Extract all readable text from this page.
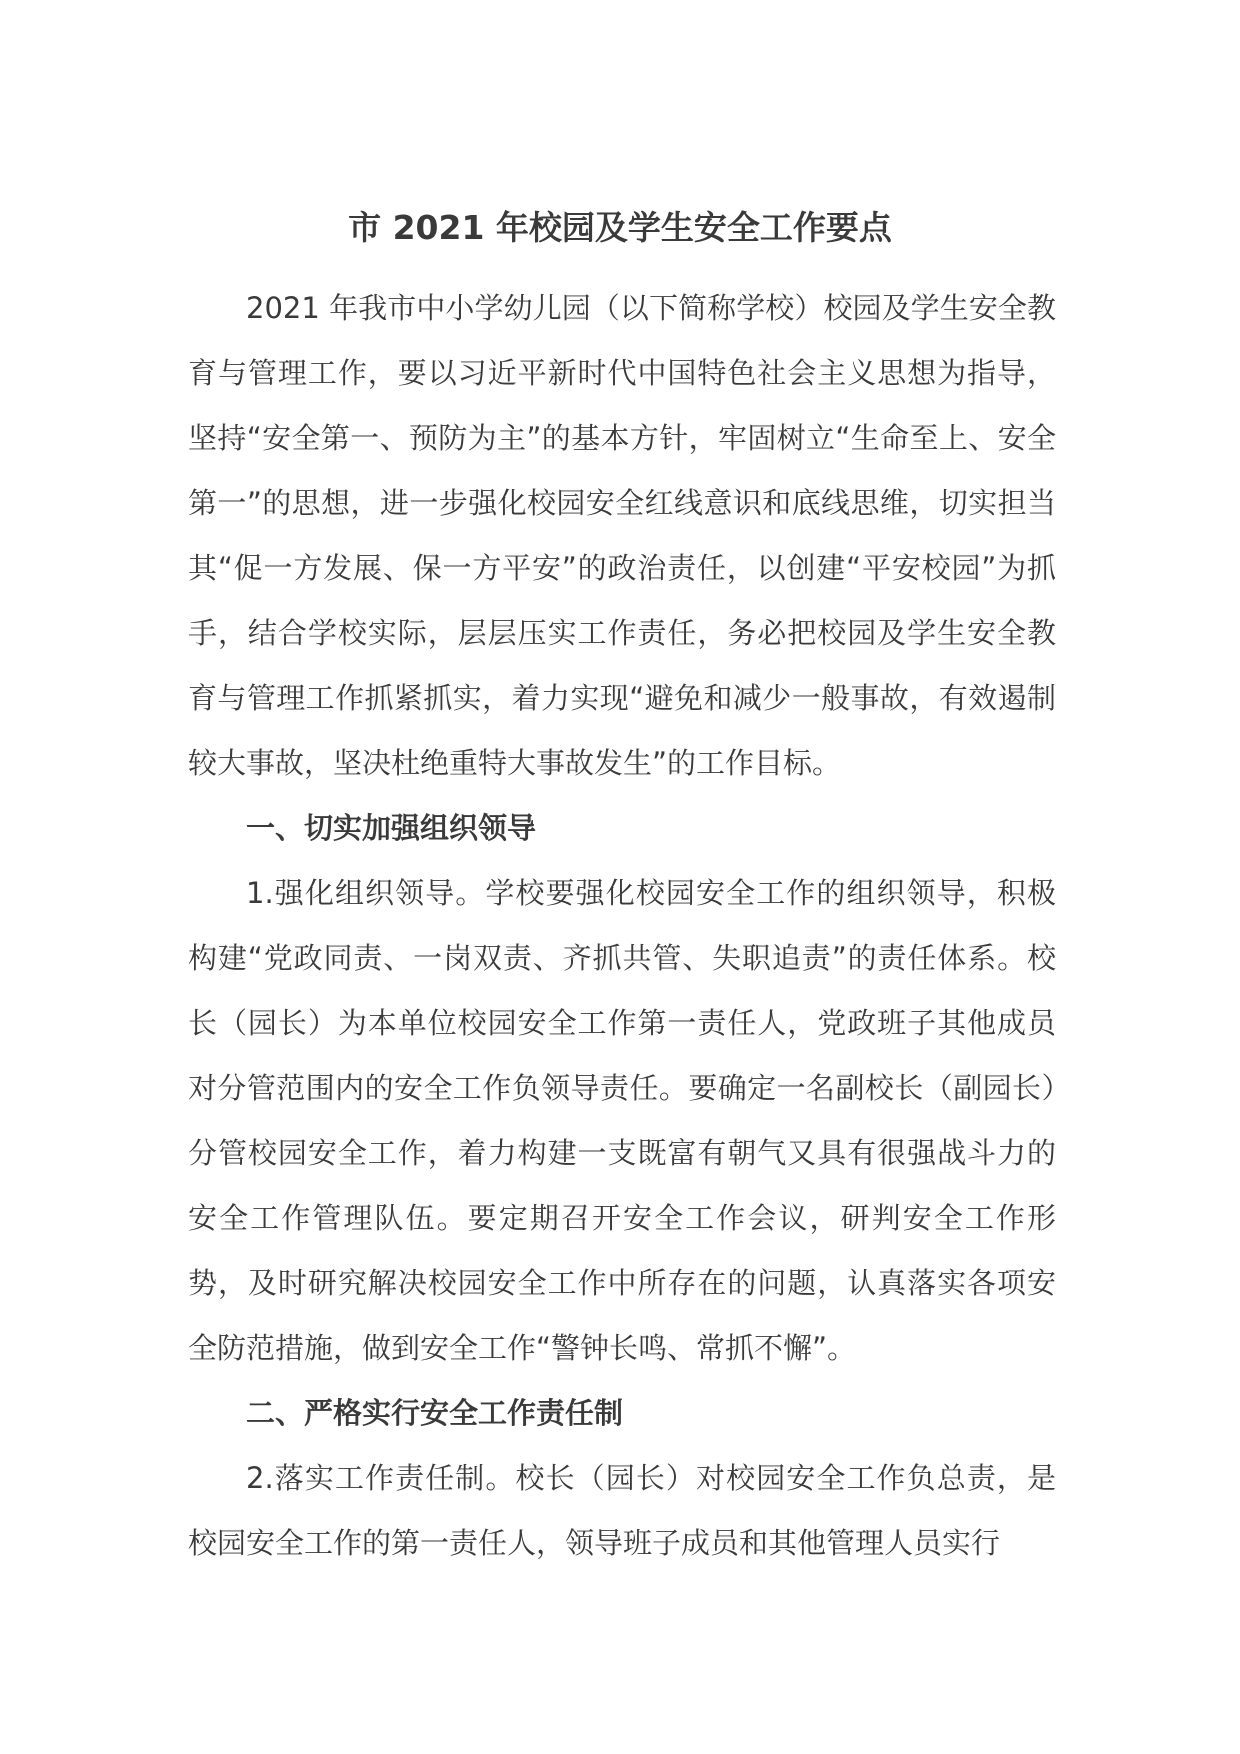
市 2021 年校园及学生安全工作要点

2021 年我市中小学幼儿园（以下简称学校）校园及学生安全教育与管理工作，要以习近平新时代中国特色社会主义思想为指导，坚持“安全第一、预防为主”的基本方针，牢固树立“生命至上、安全第一”的思想，进一步强化校园安全红线意识和底线思维，切实担当其“促一方发展、保一方平安”的政治责任，以创建“平安校园”为抓手，结合学校实际，层层压实工作责任，务必把校园及学生安全教育与管理工作抓紧抓实，着力实现“避免和减少一般事故，有效遏制较大事故，坚决杜绝重特大事故发生”的工作目标。

一、切实加强组织领导

1.强化组织领导。学校要强化校园安全工作的组织领导，积极构建“党政同责、一岗双责、齐抓共管、失职追责”的责任体系。校长（园长）为本单位校园安全工作第一责任人，党政班子其他成员对分管范围内的安全工作负领导责任。要确定一名副校长（副园长）分管校园安全工作，着力构建一支既富有朝气又具有很强战斗力的安全工作管理队伍。要定期召开安全工作会议，研判安全工作形势，及时研究解决校园安全工作中所存在的问题，认真落实各项安全防范措施，做到安全工作“警钟长鸣、常抓不懈”。

二、严格实行安全工作责任制

2.落实工作责任制。校长（园长）对校园安全工作负总责，是校园安全工作的第一责任人，领导班子成员和其他管理人员实行
